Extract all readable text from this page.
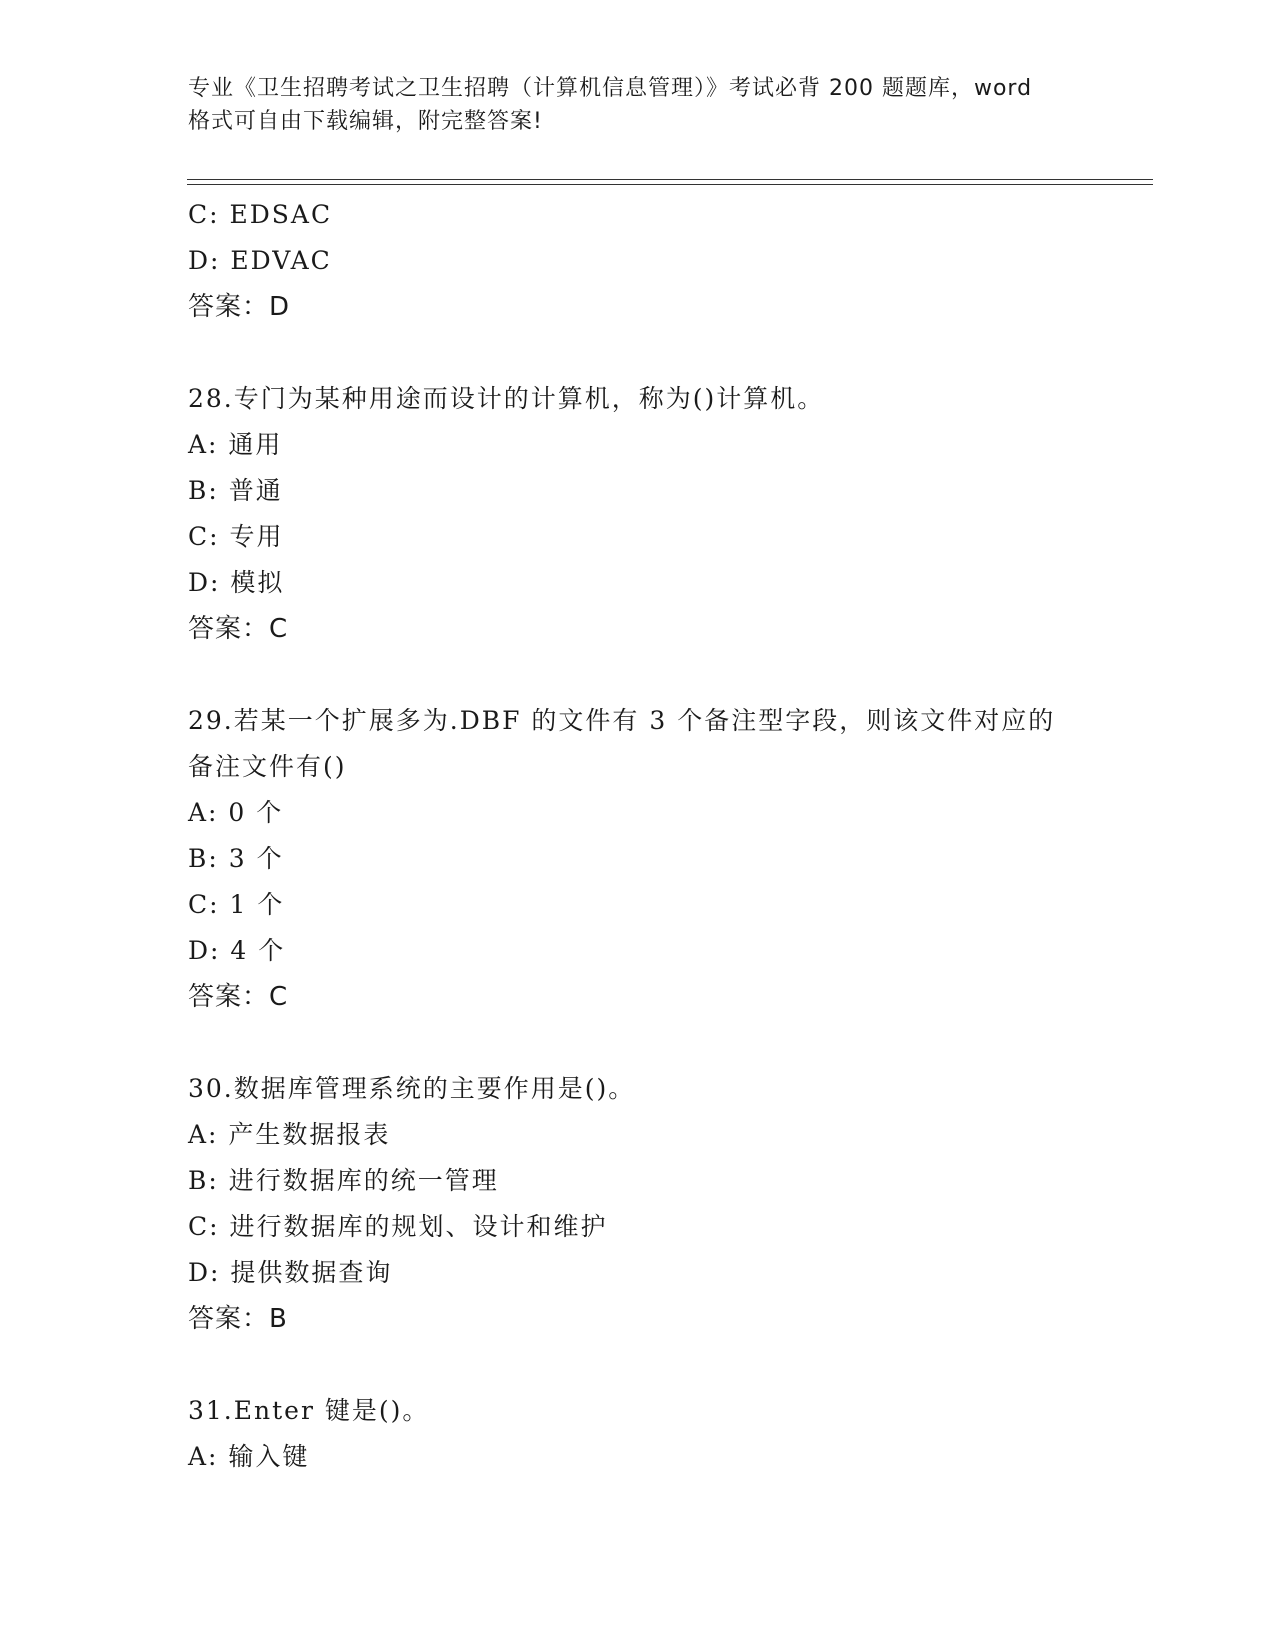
专业《卫生招聘考试之卫生招聘（计算机信息管理）》考试必背 200 题题库，word
格式可自由下载编辑，附完整答案!
C: EDSAC
D: EDVAC
答案：D
28.专门为某种用途而设计的计算机，称为()计算机。
A: 通用
B: 普通
C: 专用
D: 模拟
答案：C
29.若某一个扩展多为.DBF 的文件有 3 个备注型字段，则该文件对应的
备注文件有()
A: 0 个
B: 3 个
C: 1 个
D: 4 个
答案：C
30.数据库管理系统的主要作用是()。
A: 产生数据报表
B: 进行数据库的统一管理
C: 进行数据库的规划、设计和维护
D: 提供数据查询
答案：B
31.Enter 键是()。
A: 输入键
